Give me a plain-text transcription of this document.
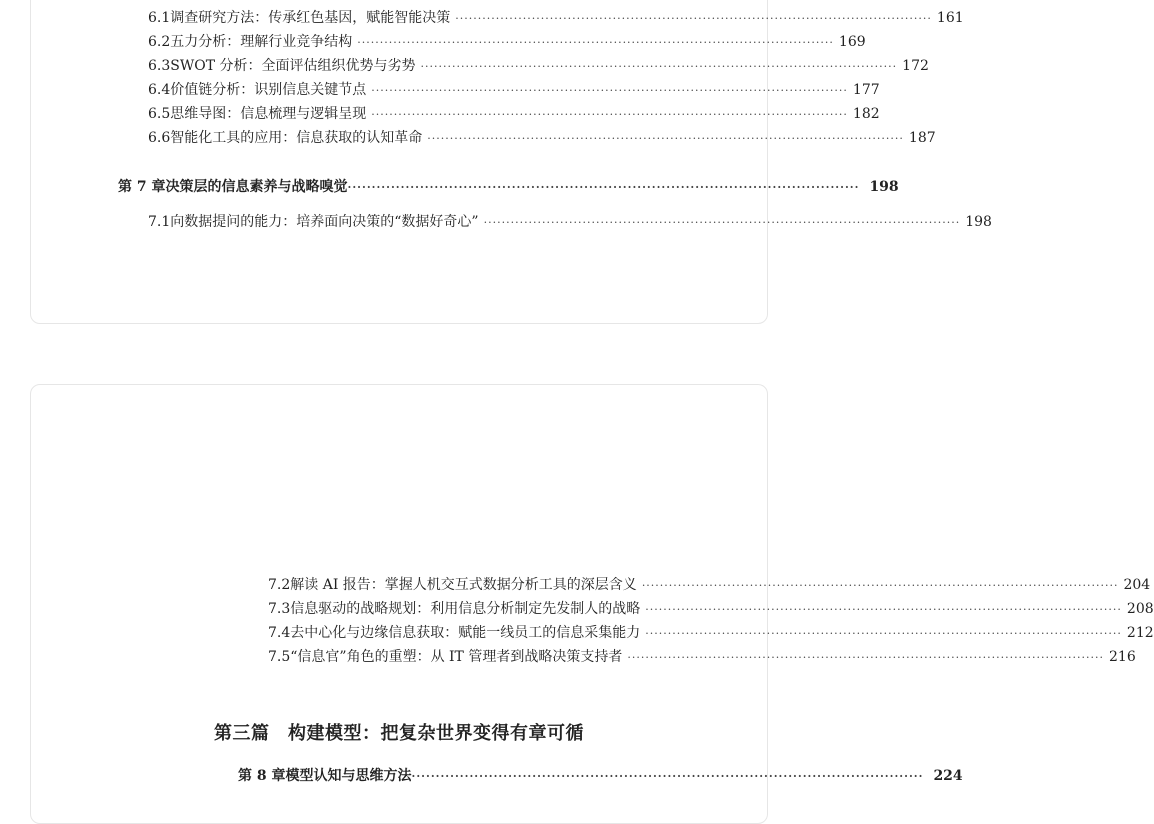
6.1 调查研究方法：传承红色基因，赋能智能决策 ·········································································································· 161
6.2 五力分析：理解行业竞争结构 ·········································································································· 169
6.3 SWOT 分析：全面评估组织优势与劣势 ·········································································································· 172
6.4 价值链分析：识别信息关键节点 ·········································································································· 177
6.5 思维导图：信息梳理与逻辑呈现 ·········································································································· 182
6.6 智能化工具的应用：信息获取的认知革命 ·········································································································· 187
第 7 章 决策层的信息素养与战略嗅觉 ·········································································································· 198
7.1 向数据提问的能力：培养面向决策的“数据好奇心” ·········································································································· 198
7.2 解读 AI 报告：掌握人机交互式数据分析工具的深层含义 ·········································································································· 204
7.3 信息驱动的战略规划：利用信息分析制定先发制人的战略 ·········································································································· 208
7.4 去中心化与边缘信息获取：赋能一线员工的信息采集能力 ·········································································································· 212
7.5 “信息官”角色的重塑：从 IT 管理者到战略决策支持者 ·········································································································· 216
第三篇　构建模型：把复杂世界变得有章可循
第 8 章 模型认知与思维方法 ·········································································································· 224
